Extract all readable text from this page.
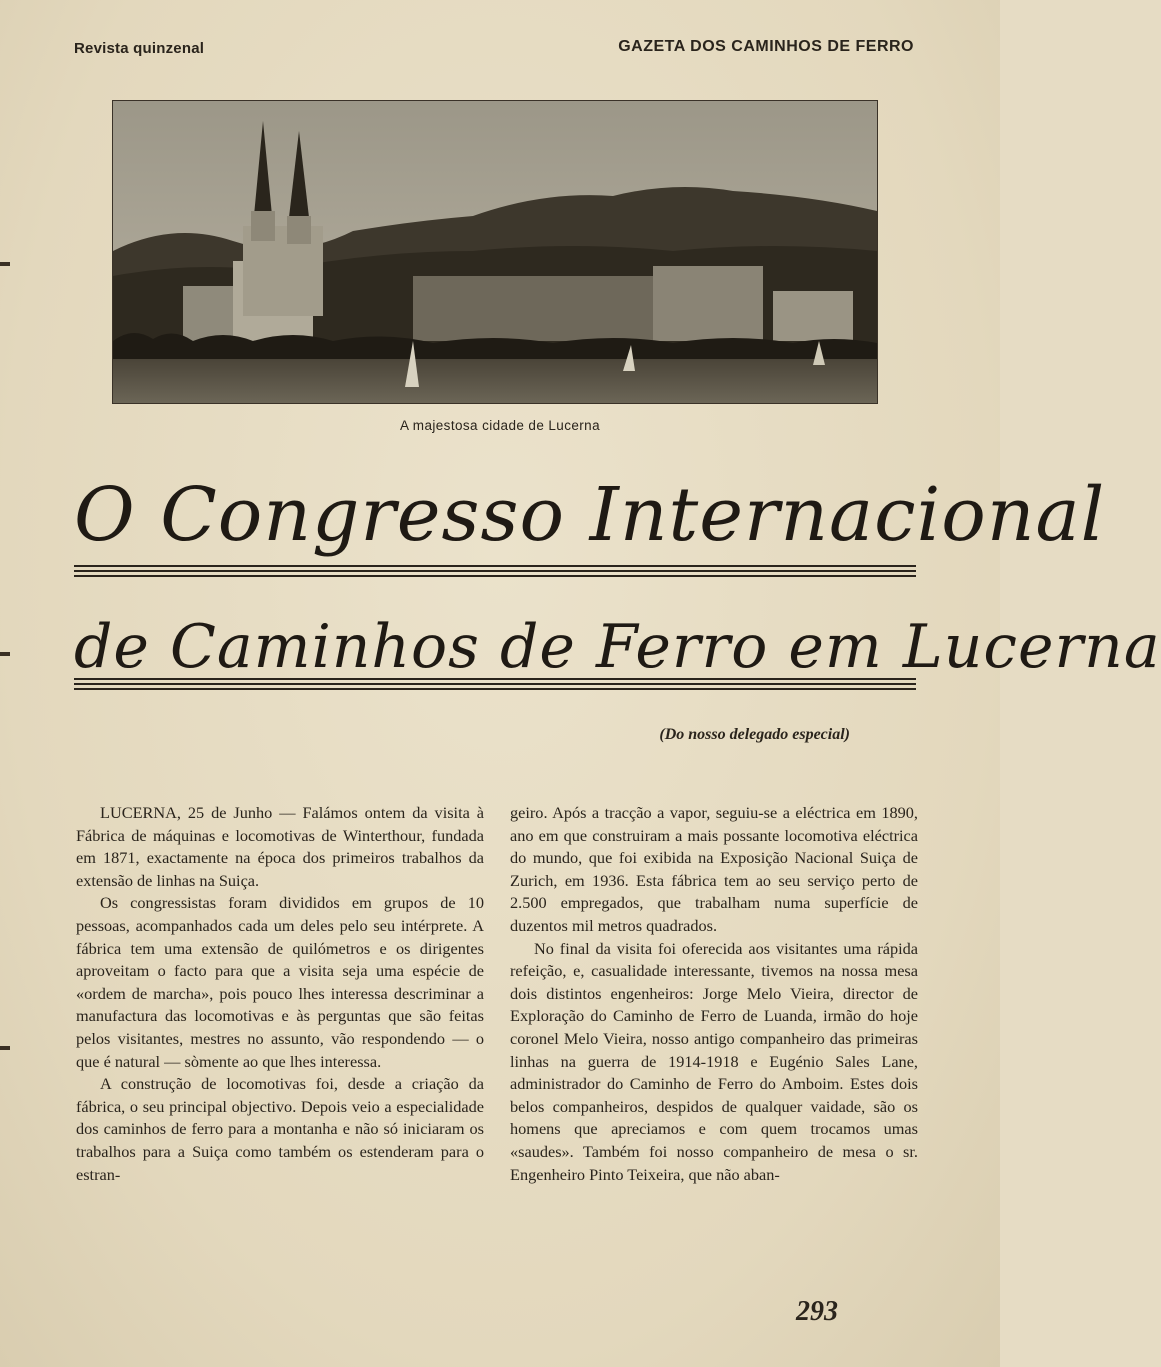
Revista quinzenal	GAZETA DOS CAMINHOS DE FERRO
A majestosa cidade de Lucerna
O Congresso Internacional
de Caminhos de Ferro em Lucerna
(Do nosso delegado especial)

LUCERNA, 25 de Junho — Falámos ontem da visita à Fábrica de máquinas e locomotivas de Winterthour, fundada em 1871, exactamente na época dos primeiros trabalhos da extensão de linhas na Suiça.

Os congressistas foram divididos em grupos de 10 pessoas, acompanhados cada um deles pelo seu intérprete. A fábrica tem uma extensão de quilómetros e os dirigentes aproveitam o facto para que a visita seja uma espécie de «ordem de marcha», pois pouco lhes interessa descriminar a manufactura das locomotivas e às perguntas que são feitas pelos visitantes, mestres no assunto, vão respondendo — o que é natural — sòmente ao que lhes interessa.

A construção de locomotivas foi, desde a criação da fábrica, o seu principal objectivo. Depois veio a especialidade dos caminhos de ferro para a montanha e não só iniciaram os trabalhos para a Suiça como também os estenderam para o estran-

geiro. Após a tracção a vapor, seguiu-se a eléctrica em 1890, ano em que construiram a mais possante locomotiva eléctrica do mundo, que foi exibida na Exposição Nacional Suiça de Zurich, em 1936. Esta fábrica tem ao seu serviço perto de 2.500 empregados, que trabalham numa superfície de duzentos mil metros quadrados.

No final da visita foi oferecida aos visitantes uma rápida refeição, e, casualidade interessante, tivemos na nossa mesa dois distintos engenheiros: Jorge Melo Vieira, director de Exploração do Caminho de Ferro de Luanda, irmão do hoje coronel Melo Vieira, nosso antigo companheiro das primeiras linhas na guerra de 1914-1918 e Eugénio Sales Lane, administrador do Caminho de Ferro do Amboim. Estes dois belos companheiros, despidos de qualquer vaidade, são os homens que apreciamos e com quem trocamos umas «saudes». Também foi nosso companheiro de mesa o sr. Engenheiro Pinto Teixeira, que não aban-

293
